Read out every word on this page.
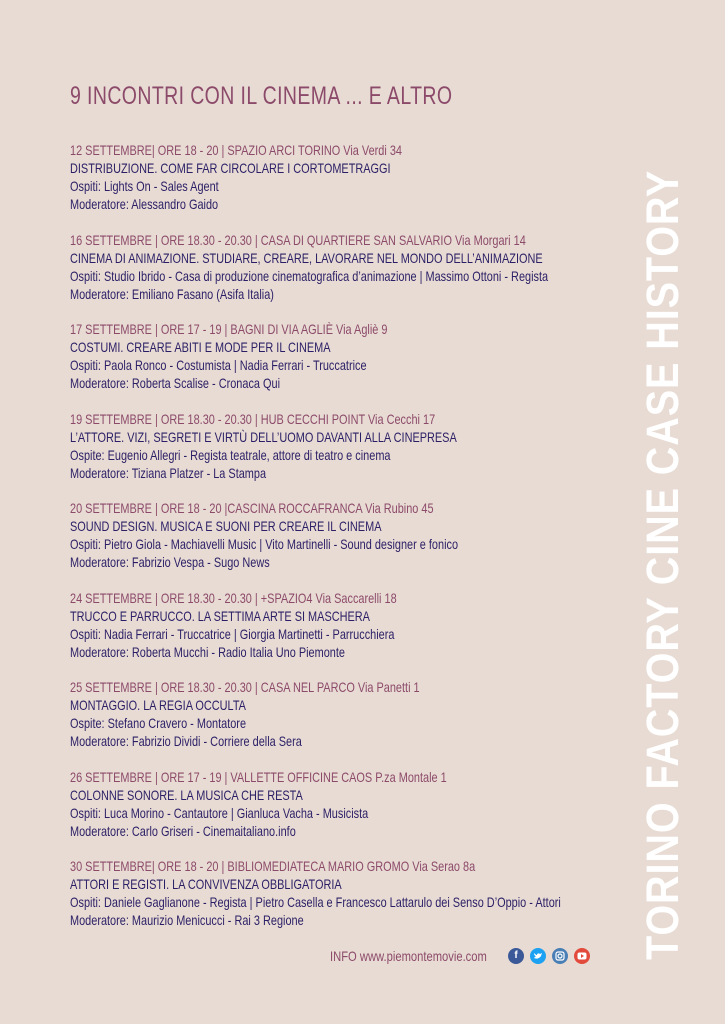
9 INCONTRI CON IL CINEMA ... E ALTRO
12 SETTEMBRE| ORE 18 - 20 | SPAZIO ARCI TORINO Via Verdi 34
DISTRIBUZIONE. COME FAR CIRCOLARE I CORTOMETRAGGI
Ospiti: Lights On - Sales Agent
Moderatore: Alessandro Gaido
16 SETTEMBRE | ORE 18.30 - 20.30 | CASA DI QUARTIERE SAN SALVARIO Via Morgari 14
CINEMA DI ANIMAZIONE. STUDIARE, CREARE, LAVORARE NEL MONDO DELL’ANIMAZIONE
Ospiti: Studio Ibrido - Casa di produzione cinematografica d’animazione | Massimo Ottoni - Regista
Moderatore: Emiliano Fasano (Asifa Italia)
17 SETTEMBRE | ORE 17 - 19 | BAGNI DI VIA AGLIÈ Via Agliè 9
COSTUMI. CREARE ABITI E MODE PER IL CINEMA
Ospiti: Paola Ronco - Costumista | Nadia Ferrari - Truccatrice
Moderatore: Roberta Scalise - Cronaca Qui
19 SETTEMBRE | ORE 18.30 - 20.30 | HUB CECCHI POINT Via Cecchi 17
L’ATTORE. VIZI, SEGRETI E VIRTÙ DELL’UOMO DAVANTI ALLA CINEPRESA
Ospite: Eugenio Allegri - Regista teatrale, attore di teatro e cinema
Moderatore: Tiziana Platzer - La Stampa
20 SETTEMBRE | ORE 18 - 20 |CASCINA ROCCAFRANCA Via Rubino 45
SOUND DESIGN. MUSICA E SUONI PER CREARE IL CINEMA
Ospiti: Pietro Giola - Machiavelli Music | Vito Martinelli - Sound designer e fonico
Moderatore: Fabrizio Vespa - Sugo News
24 SETTEMBRE | ORE 18.30 - 20.30 | +SPAZIO4 Via Saccarelli 18
TRUCCO E PARRUCCO. LA SETTIMA ARTE SI MASCHERA
Ospiti: Nadia Ferrari - Truccatrice | Giorgia Martinetti - Parrucchiera
Moderatore: Roberta Mucchi - Radio Italia Uno Piemonte
25 SETTEMBRE | ORE 18.30 - 20.30 | CASA NEL PARCO Via Panetti 1
MONTAGGIO. LA REGIA OCCULTA
Ospite: Stefano Cravero - Montatore
Moderatore: Fabrizio Dividi - Corriere della Sera
26 SETTEMBRE | ORE 17 - 19 | VALLETTE OFFICINE CAOS P.za Montale 1
COLONNE SONORE. LA MUSICA CHE RESTA
Ospiti: Luca Morino - Cantautore | Gianluca Vacha - Musicista
Moderatore: Carlo Griseri - Cinemaitaliano.info
30 SETTEMBRE| ORE 18 - 20 | BIBLIOMEDIATECA MARIO GROMO Via Serao 8a
ATTORI E REGISTI. LA CONVIVENZA OBBLIGATORIA
Ospiti: Daniele Gaglianone - Regista | Pietro Casella e Francesco Lattarulo dei Senso D’Oppio - Attori
Moderatore: Maurizio Menicucci - Rai 3 Regione
INFO www.piemontemovie.com	f	TORINO FACTORY CINE CASE HISTORY
